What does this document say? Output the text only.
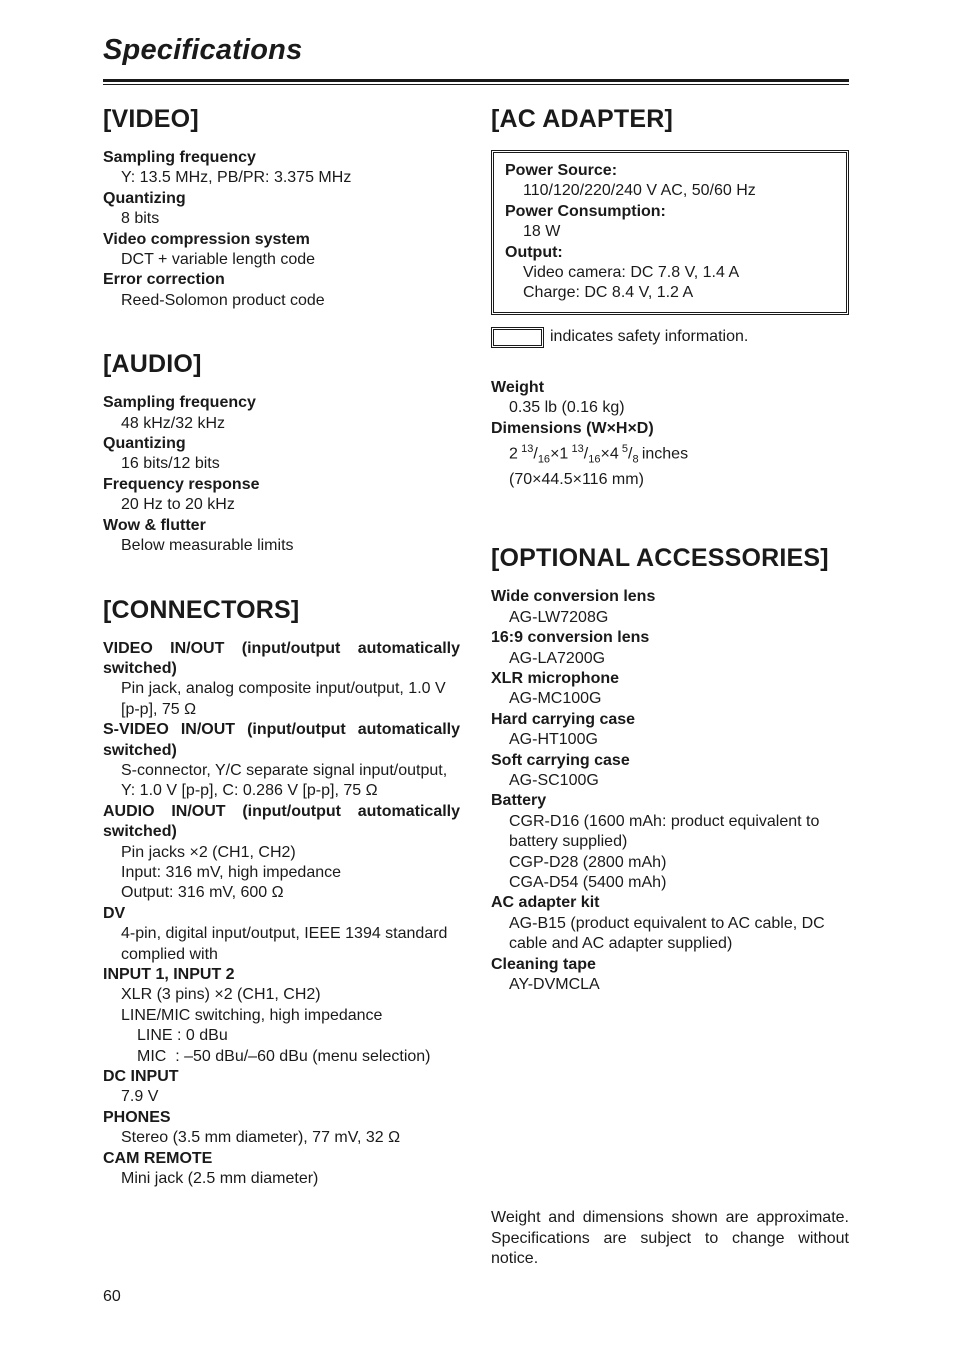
Specifications
[VIDEO]
Sampling frequency
Y: 13.5 MHz, PB/PR: 3.375 MHz
Quantizing
8 bits
Video compression system
DCT + variable length code
Error correction
Reed-Solomon product code
[AUDIO]
Sampling frequency
48 kHz/32 kHz
Quantizing
16 bits/12 bits
Frequency response
20 Hz to 20 kHz
Wow & flutter
Below measurable limits
[CONNECTORS]
VIDEO IN/OUT (input/output automatically switched)
Pin jack, analog composite input/output, 1.0 V [p-p], 75 Ω
S-VIDEO IN/OUT (input/output automatically switched)
S-connector, Y/C separate signal input/output, Y: 1.0 V [p-p], C: 0.286 V [p-p], 75 Ω
AUDIO IN/OUT (input/output automatically switched)
Pin jacks ×2 (CH1, CH2)
Input: 316 mV, high impedance
Output: 316 mV, 600 Ω
DV
4-pin, digital input/output, IEEE 1394 standard complied with
INPUT 1, INPUT 2
XLR (3 pins) ×2 (CH1, CH2)
LINE/MIC switching, high impedance
LINE : 0 dBu
MIC  : –50 dBu/–60 dBu (menu selection)
DC INPUT
7.9 V
PHONES
Stereo (3.5 mm diameter), 77 mV, 32 Ω
CAM REMOTE
Mini jack (2.5 mm diameter)
[AC ADAPTER]
Power Source:
110/120/220/240 V AC, 50/60 Hz
Power Consumption:
18 W
Output:
Video camera: DC 7.8 V, 1.4 A
Charge: DC 8.4 V, 1.2 A
indicates safety information.
Weight
0.35 lb (0.16 kg)
Dimensions (W×H×D)
2  $^{13}/_{16}\times 1$  $^{13}/_{16}\times 4$  $^5/_8$  inches
(70×44.5×116 mm)
[OPTIONAL ACCESSORIES]
Wide conversion lens
AG-LW7208G
16:9 conversion lens
AG-LA7200G
XLR microphone
AG-MC100G
Hard carrying case
AG-HT100G
Soft carrying case
AG-SC100G
Battery
CGR-D16 (1600 mAh: product equivalent to battery supplied)
CGP-D28 (2800 mAh)
CGA-D54 (5400 mAh)
AC adapter kit
AG-B15 (product equivalent to AC cable, DC cable and AC adapter supplied)
Cleaning tape
AY-DVMCLA
Weight and dimensions shown are approximate. Specifications are subject to change without notice.
60
